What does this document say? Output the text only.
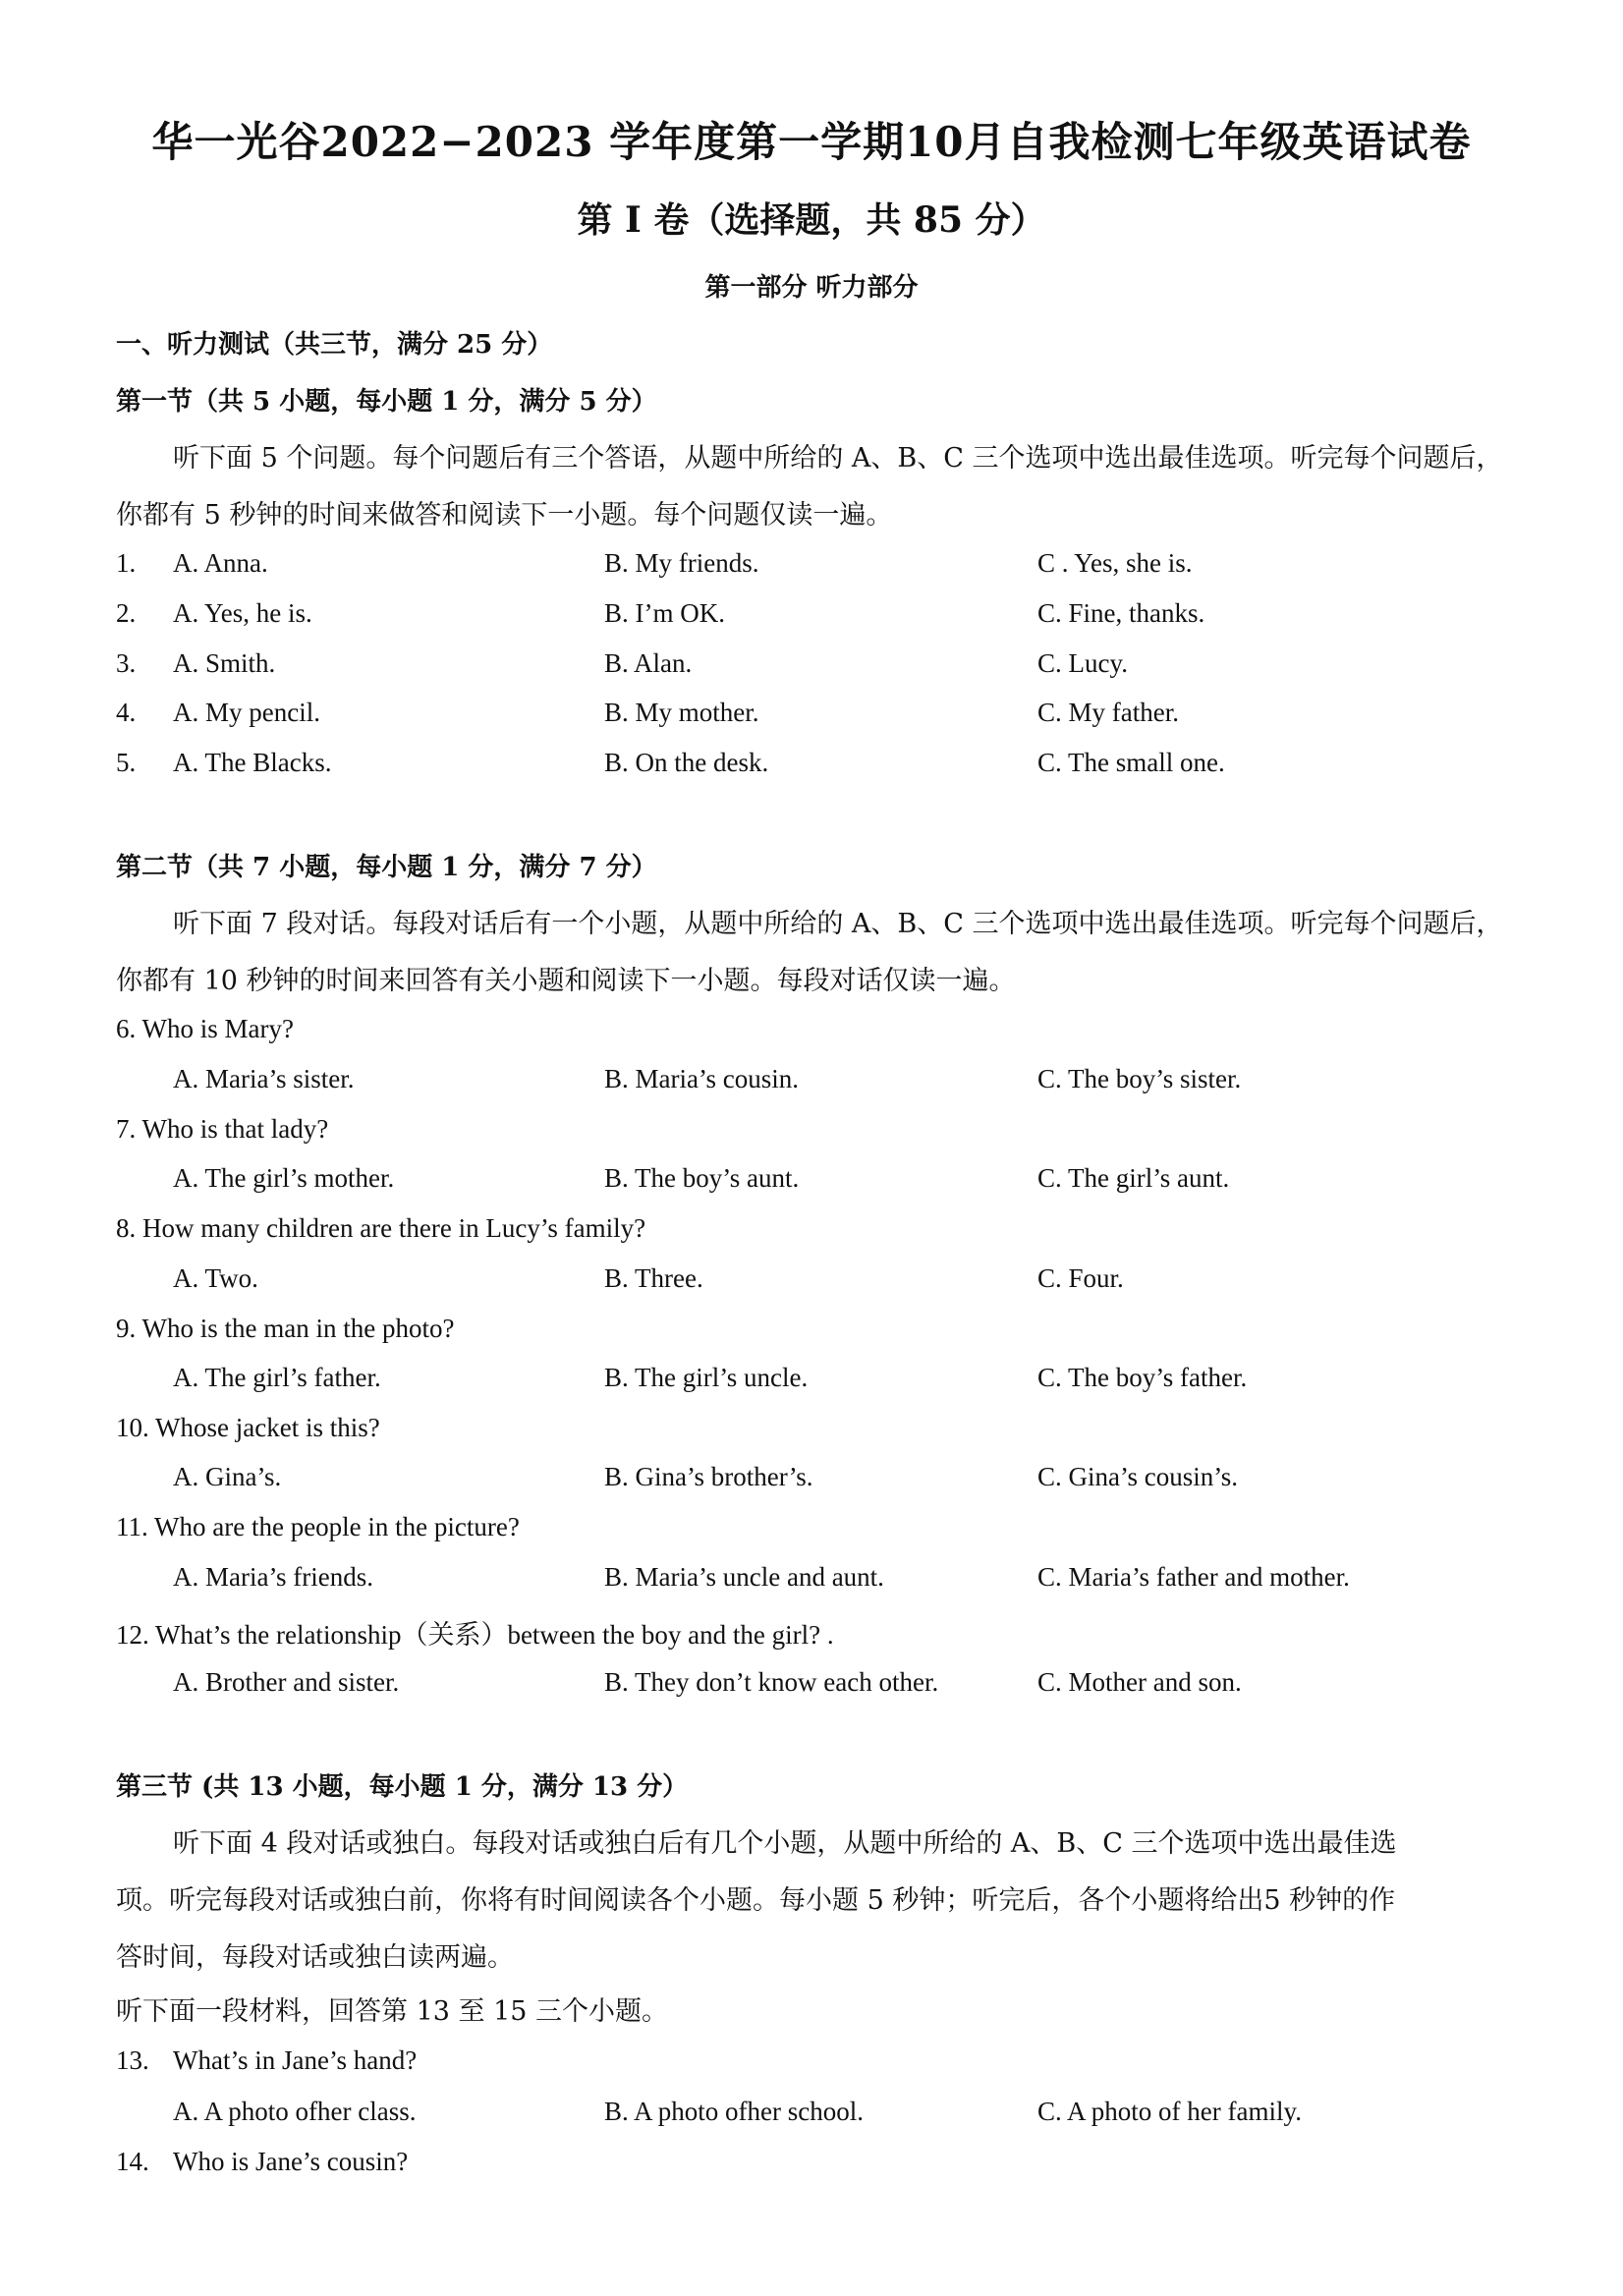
华一光谷2022−2023 学年度第一学期10月自我检测七年级英语试卷
第 I 卷（选择题，共 85 分）
第一部分 听力部分
一、听力测试（共三节，满分 25 分）
第一节（共 5 小题，每小题 1 分，满分 5 分）
听下面 5 个问题。每个问题后有三个答语，从题中所给的 A、B、C 三个选项中选出最佳选项。听完每个问题后，
你都有 5 秒钟的时间来做答和阅读下一小题。每个问题仅读一遍。
1. A. Anna.	B. My friends.	C . Yes, she is.
2. A. Yes, he is.	B. I’m OK.	C. Fine, thanks.
3. A. Smith.	B. Alan.	C. Lucy.
4. A. My pencil.	B. My mother.	C. My father.
5. A. The Blacks.	B. On the desk.	C. The small one.
第二节（共 7 小题，每小题 1 分，满分 7 分）
听下面 7 段对话。每段对话后有一个小题，从题中所给的 A、B、C 三个选项中选出最佳选项。听完每个问题后，
你都有 10 秒钟的时间来回答有关小题和阅读下一小题。每段对话仅读一遍。
6. Who is Mary?
A. Maria’s sister.	B. Maria’s cousin.	C. The boy’s sister.
7. Who is that lady?
A. The girl’s mother.	B. The boy’s aunt.	C. The girl’s aunt.
8. How many children are there in Lucy’s family?
A. Two.	B. Three.	C. Four.
9. Who is the man in the photo?
A. The girl’s father.	B. The girl’s uncle.	C. The boy’s father.
10. Whose jacket is this?
A. Gina’s.	B. Gina’s brother’s.	C. Gina’s cousin’s.
11. Who are the people in the picture?
A. Maria’s friends.	B. Maria’s uncle and aunt.	C. Maria’s father and mother.
12. What’s the relationship（关系）between the boy and the girl? .
A. Brother and sister.	B. They don’t know each other.	C. Mother and son.
第三节 (共 13 小题，每小题 1 分，满分 13 分）
听下面 4 段对话或独白。每段对话或独白后有几个小题，从题中所给的 A、B、C 三个选项中选出最佳选
项。听完每段对话或独白前，你将有时间阅读各个小题。每小题 5 秒钟；听完后，各个小题将给出5 秒钟的作
答时间，每段对话或独白读两遍。
听下面一段材料，回答第 13 至 15 三个小题。
13. What’s in Jane’s hand?
A. A photo ofher class.	B. A photo ofher school.	C. A photo of her family.
14. Who is Jane’s cousin?
